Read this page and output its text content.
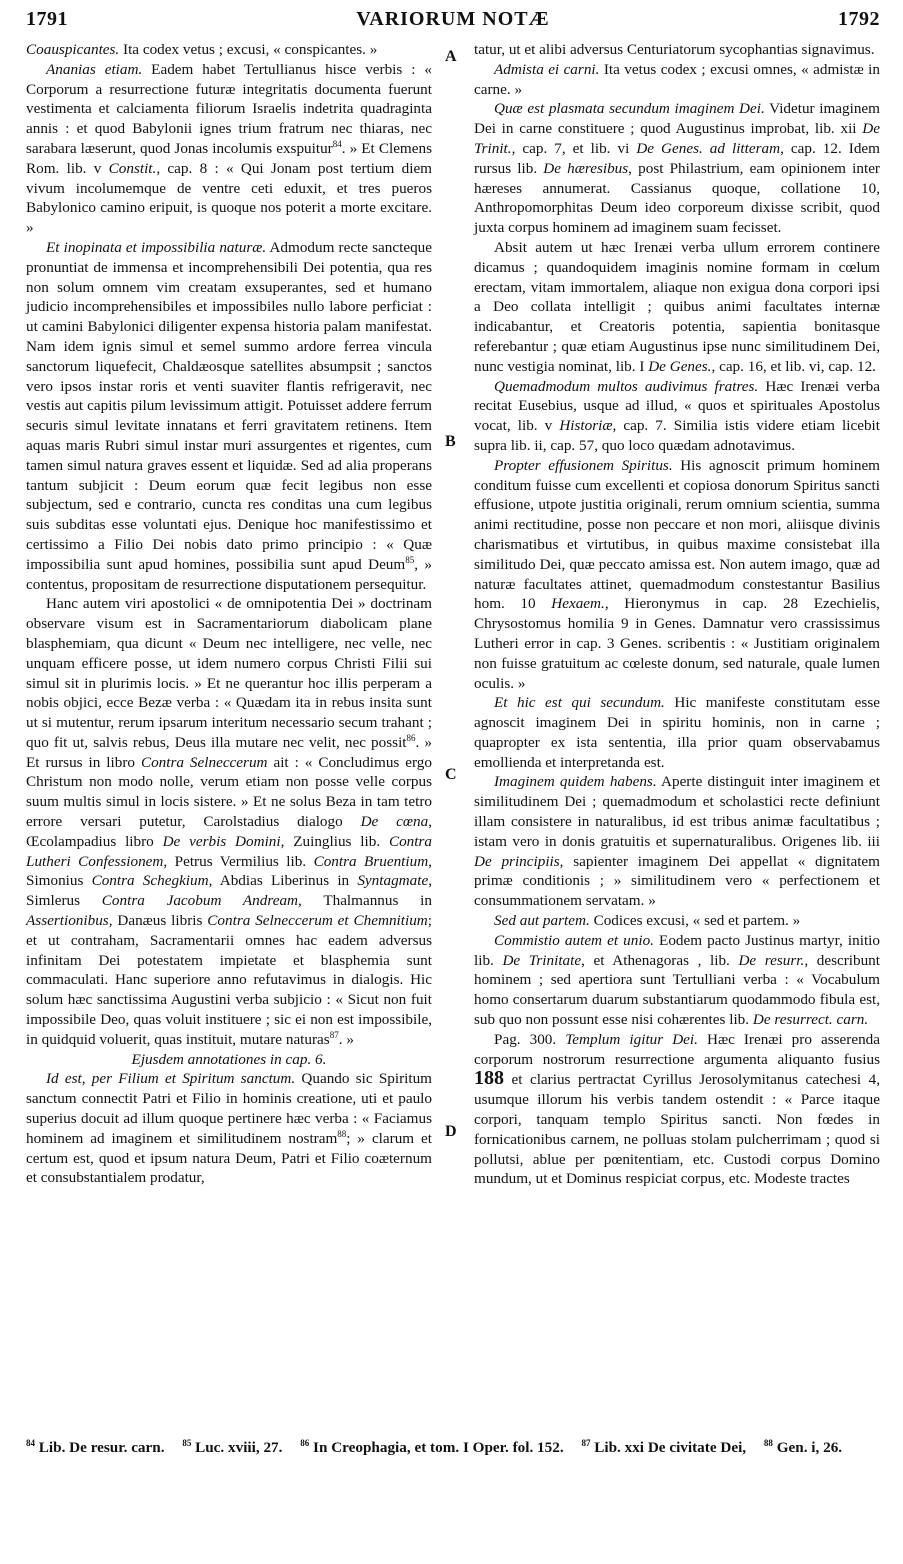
1791	VARIORUM NOTÆ	1792
A
B
C
D

Coauspicantes. Ita codex vetus ; excusi, « conspicantes. »

Ananias etiam. Eadem habet Tertullianus hisce verbis : « Corporum a resurrectione futuræ integritatis documenta fuerunt vestimenta et calciamenta filiorum Israelis indetrita quadraginta annis : et quod Babylonii ignes trium fratrum nec thiaras, nec sarabara læserunt, quod Jonas incolumis exspuitur$^{84}$. » Et Clemens Rom. lib. v Constit., cap. 8 : « Qui Jonam post tertium diem vivum incolumemque de ventre ceti eduxit, et tres pueros Babylonico camino eripuit, is quoque nos poterit a morte excitare. »

Et inopinata et impossibilia naturæ. Admodum recte sancteque pronuntiat de immensa et incomprehensibili Dei potentia, qua res non solum omnem vim creatam exsuperantes, sed et humano judicio incomprehensibiles et impossibiles nullo labore perficiat : ut camini Babylonici diligenter expensa historia palam manifestat. Nam idem ignis simul et semel summo ardore ferrea vincula sanctorum liquefecit, Chaldæosque satellites absumpsit ; sanctos vero ipsos instar roris et venti suaviter flantis refrigeravit, nec vestis aut capitis pilum levissimum attigit. Potuisset addere ferrum securis simul levitate innatans et ferri gravitatem retinens. Item aquas maris Rubri simul instar muri assurgentes et rigentes, cum tamen simul natura graves essent et liquidæ. Sed ad alia properans tantum subjicit : Deum eorum quæ fecit legibus non esse subjectum, sed e contrario, cuncta res conditas una cum legibus suis subditas esse voluntati ejus. Denique hoc manifestissimo et certissimo a Filio Dei nobis dato primo principio : « Quæ impossibilia sunt apud homines, possibilia sunt apud Deum$^{85}$, » contentus, propositam de resurrectione disputationem persequitur.

Hanc autem viri apostolici « de omnipotentia Dei » doctrinam observare visum est in Sacramentariorum diabolicam plane blasphemiam, qua dicunt « Deum nec intelligere, nec velle, nec unquam efficere posse, ut idem numero corpus Christi Filii sui simul sit in plurimis locis. » Et ne querantur hoc illis perperam a nobis objici, ecce Bezæ verba : « Quædam ita in rebus insita sunt ut si mutentur, rerum ipsarum interitum necessario secum trahant ; quo fit ut, salvis rebus, Deus illa mutare nec velit, nec possit$^{86}$. » Et rursus in libro Contra Selneccerum ait : « Concludimus ergo Christum non modo nolle, verum etiam non posse velle corpus suum multis simul in locis sistere. » Et ne solus Beza in tam tetro errore versari putetur, Carolstadius dialogo De cœna, Œcolampadius libro De verbis Domini, Zuinglius lib. Contra Lutheri Confessionem, Petrus Vermilius lib. Contra Bruentium, Simonius Contra Schegkium, Abdias Liberinus in Syntagmate, Simlerus Contra Jacobum Andream, Thalmannus in Assertionibus, Danæus libris Contra Selneccerum et Chemnitium; et ut contraham, Sacramentarii omnes hac eadem adversus infinitam Dei potestatem impietate et blasphemia sunt commaculati. Hanc superiore anno refutavimus in dialogis. Hic solum hæc sanctissima Augustini verba subjicio : « Sicut non fuit impossibile Deo, quas voluit instituere ; sic ei non est impossibile, in quidquid voluerit, quas instituit, mutare naturas$^{87}$. »

Ejusdem annotationes in cap. 6.

Id est, per Filium et Spiritum sanctum. Quando sic Spiritum sanctum connectit Patri et Filio in hominis creatione, uti et paulo superius docuit ad illum quoque pertinere hæc verba : « Faciamus hominem ad imaginem et similitudinem nostram$^{88}$; » clarum et certum est, quod et ipsum natura Deum, Patri et Filio coæternum et consubstantialem prodatur,

tatur, ut et alibi adversus Centuriatorum sycophantias signavimus.

Admista ei carni. Ita vetus codex ; excusi omnes, « admistæ in carne. »

Quæ est plasmata secundum imaginem Dei. Videtur imaginem Dei in carne constituere ; quod Augustinus improbat, lib. xii De Trinit., cap. 7, et lib. vi De Genes. ad litteram, cap. 12. Idem rursus lib. De hæresibus, post Philastrium, eam opinionem inter hæreses annumerat. Cassianus quoque, collatione 10, Anthropomorphitas Deum ideo corporeum dixisse scribit, quod juxta corpus hominem ad imaginem suam fecisset.

Absit autem ut hæc Irenæi verba ullum errorem continere dicamus ; quandoquidem imaginis nomine formam in cœlum erectam, vitam immortalem, aliaque non exigua dona corpori ipsi a Deo collata intelligit ; quibus animi facultates internæ indicabantur, et Creatoris potentia, sapientia bonitasque referebantur ; quæ etiam Augustinus ipse nunc similitudinem Dei, nunc vestigia nominat, lib. I De Genes., cap. 16, et lib. vi, cap. 12.

Quemadmodum multos audivimus fratres. Hæc Irenæi verba recitat Eusebius, usque ad illud, « quos et spirituales Apostolus vocat, lib. v Historiæ, cap. 7. Similia istis videre etiam licebit supra lib. ii, cap. 57, quo loco quædam adnotavimus.

Propter effusionem Spiritus. His agnoscit primum hominem conditum fuisse cum excellenti et copiosa donorum Spiritus sancti effusione, utpote justitia originali, rerum omnium scientia, summa animi rectitudine, posse non peccare et non mori, aliisque divinis charismatibus et virtutibus, in quibus maxime consistebat illa similitudo Dei, quæ peccato amissa est. Non autem imago, quæ ad naturæ facultates attinet, quemadmodum constestantur Basilius hom. 10 Hexaem., Hieronymus in cap. 28 Ezechielis, Chrysostomus homilia 9 in Genes. Damnatur vero crassissimus Lutheri error in cap. 3 Genes. scribentis : « Justitiam originalem non fuisse gratuitum ac cœleste donum, sed naturale, quale lumen oculis. »

Et hic est qui secundum. Hic manifeste constitutam esse agnoscit imaginem Dei in spiritu hominis, non in carne ; quapropter ex ista sententia, illa prior quam observabamus emollienda et interpretanda est.

Imaginem quidem habens. Aperte distinguit inter imaginem et similitudinem Dei ; quemadmodum et scholastici recte definiunt illam consistere in naturalibus, id est tribus animæ facultatibus ; istam vero in donis gratuitis et supernaturalibus. Origenes lib. iii De principiis, sapienter imaginem Dei appellat « dignitatem primæ conditionis ; » similitudinem vero « perfectionem et consummationem servatam. »

Sed aut partem. Codices excusi, « sed et partem. »

Commistio autem et unio. Eodem pacto Justinus martyr, initio lib. De Trinitate, et Athenagoras , lib. De resurr., describunt hominem ; sed apertiora sunt Tertulliani verba : « Vocabulum homo consertarum duarum substantiarum quodammodo fibula est, sub quo non possunt esse nisi cohærentes lib. De resurrect. carn.

Pag. 300. Templum igitur Dei. Hæc Irenæi pro asserenda corporum nostrorum resurrectione argumenta aliquanto fusius 188 et clarius pertractat Cyrillus Jerosolymitanus catechesi 4, usumque illorum his verbis tandem ostendit : « Parce itaque corpori, tanquam templo Spiritus sancti. Non fœdes in fornicationibus carnem, ne polluas stolam pulcherrimam ; quod si pollutsi, ablue per pœnitentiam, etc. Custodi corpus Domino mundum, ut et Dominus respiciat corpus, etc. Modeste tractes

$^{84}$ Lib. De resur. carn. $^{85}$ Luc. xviii, 27. $^{86}$ In Creophagia, et tom. I Oper. fol. 152. $^{87}$ Lib. xxi De civitate Dei, $^{88}$ Gen. i, 26.
